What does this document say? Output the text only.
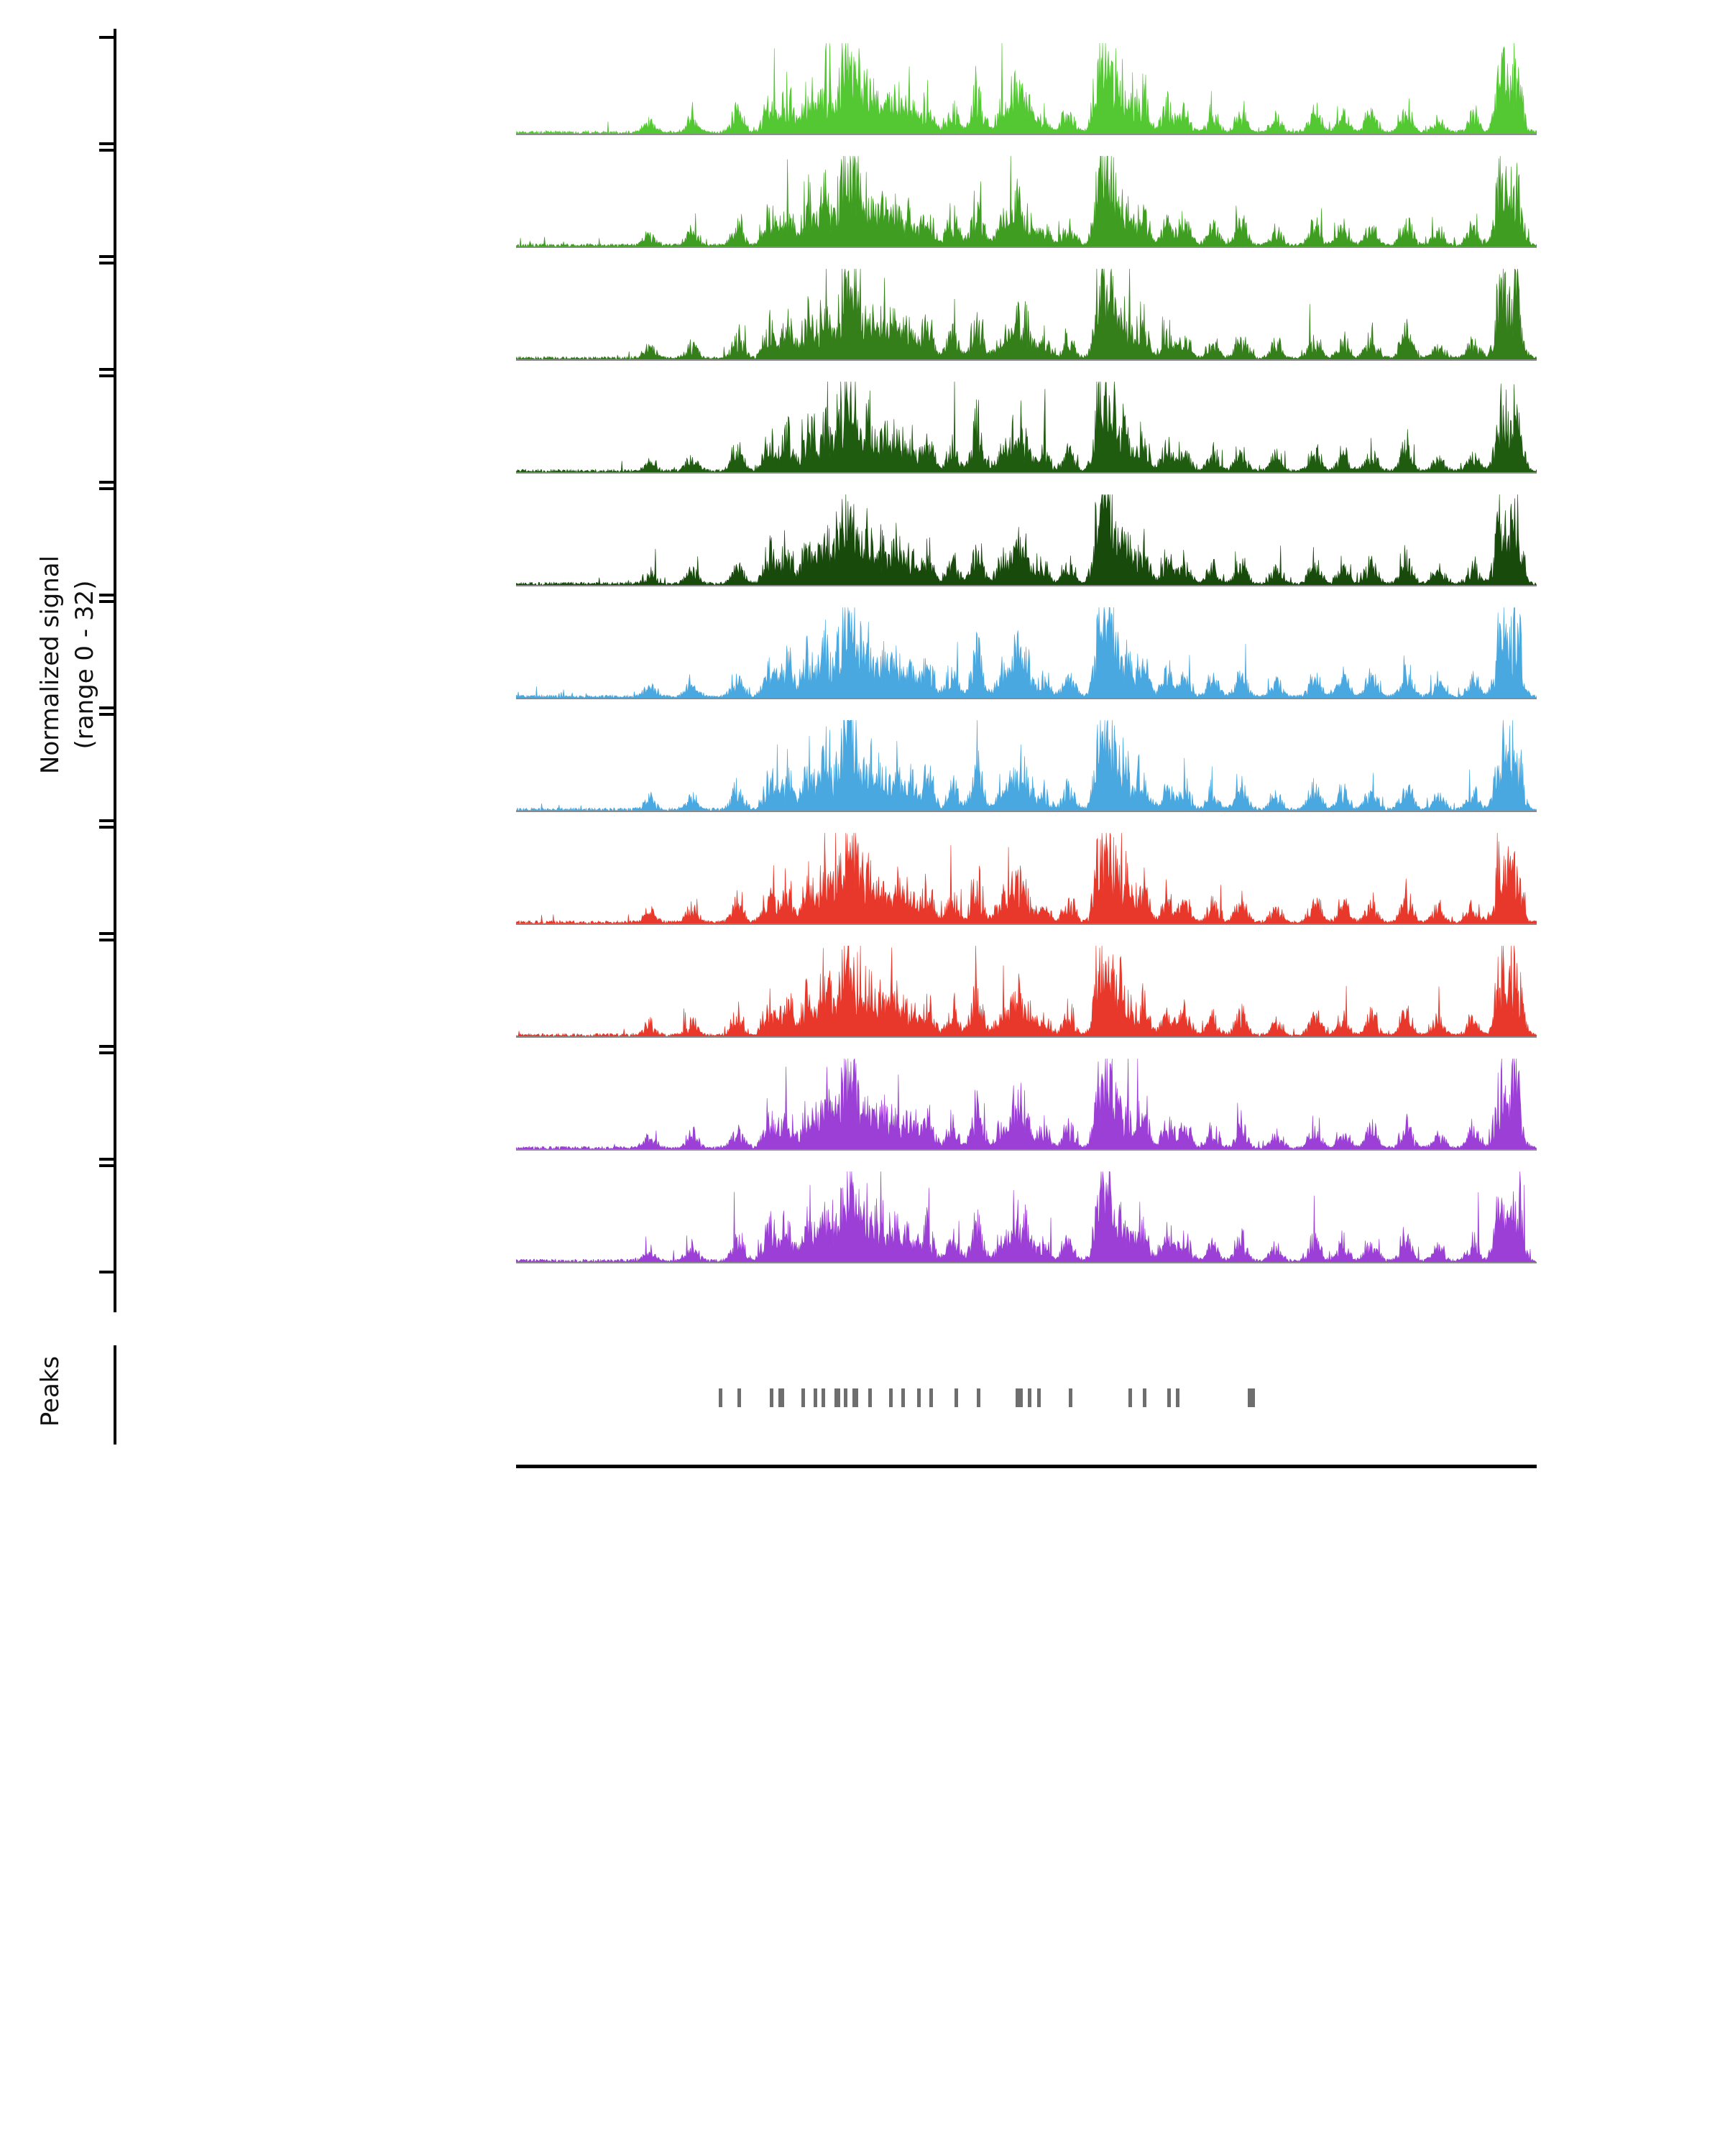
Normalized signal (range 0 - 32)
Peaks
